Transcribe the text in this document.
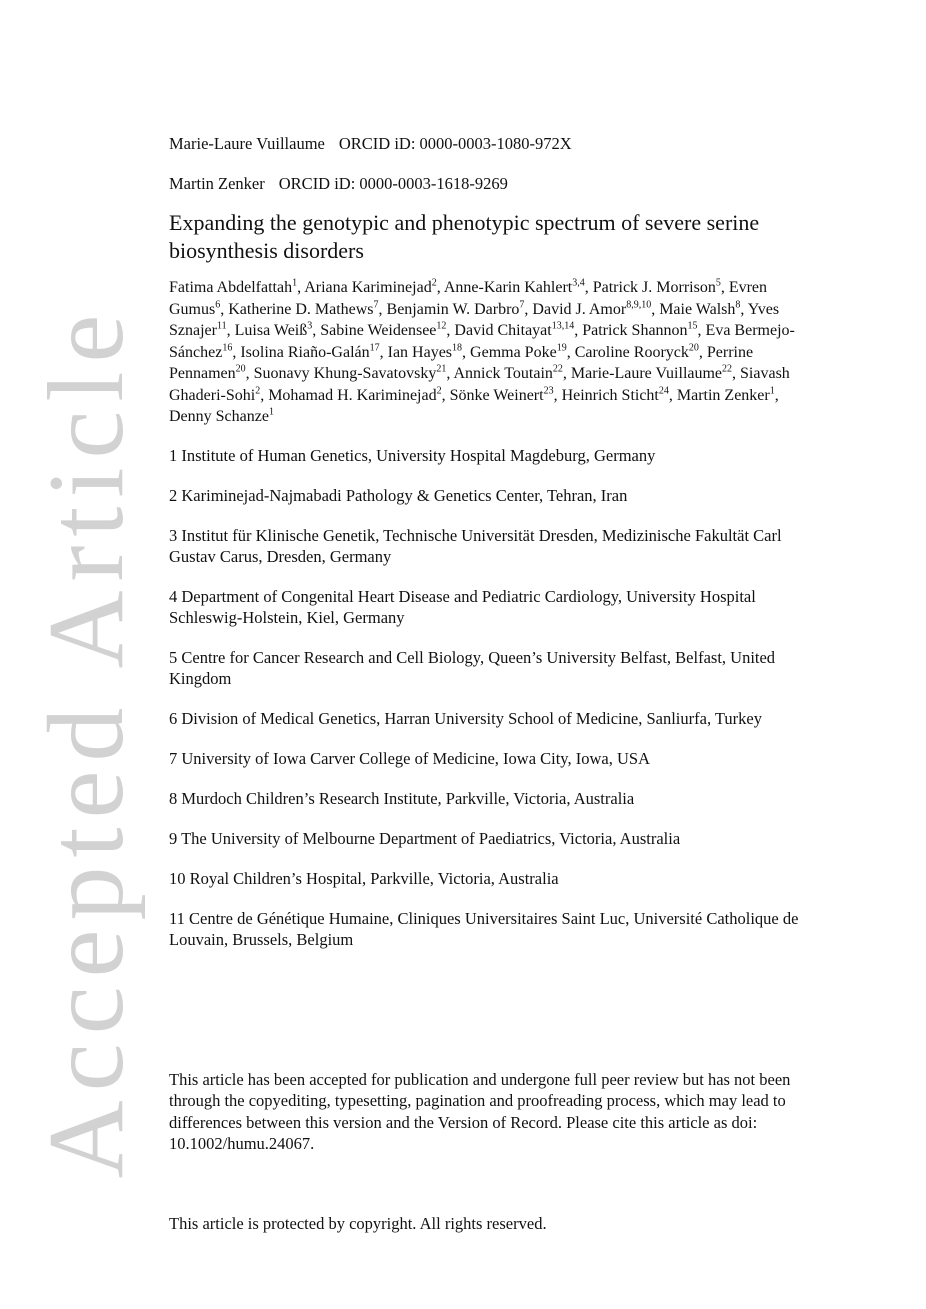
Accepted Article

Marie-Laure Vuillaume ORCID iD: 0000-0003-1080-972X

Martin Zenker ORCID iD: 0000-0003-1618-9269

Expanding the genotypic and phenotypic spectrum of severe serine biosynthesis disorders

Fatima Abdelfattah$^1$, Ariana Kariminejad$^2$, Anne-Karin Kahlert$^{3,4}$, Patrick J. Morrison$^5$, Evren Gumus$^6$, Katherine D. Mathews$^7$, Benjamin W. Darbro$^7$, David J. Amor$^{8,9,10}$, Maie Walsh$^8$, Yves Sznajer$^{11}$, Luisa Weiß$^3$, Sabine Weidensee$^{12}$, David Chitayat$^{13,14}$, Patrick Shannon$^{15}$, Eva Bermejo-Sánchez$^{16}$, Isolina Riaño-Galán$^{17}$, Ian Hayes$^{18}$, Gemma Poke$^{19}$, Caroline Rooryck$^{20}$, Perrine Pennamen$^{20}$, Suonavy Khung-Savatovsky$^{21}$, Annick Toutain$^{22}$, Marie-Laure Vuillaume$^{22}$, Siavash Ghaderi-Sohi$^2$, Mohamad H. Kariminejad$^2$, Sönke Weinert$^{23}$, Heinrich Sticht$^{24}$, Martin Zenker$^1$, Denny Schanze$^1$

1 Institute of Human Genetics, University Hospital Magdeburg, Germany

2 Kariminejad-Najmabadi Pathology & Genetics Center, Tehran, Iran

3 Institut für Klinische Genetik, Technische Universität Dresden, Medizinische Fakultät Carl Gustav Carus, Dresden, Germany

4 Department of Congenital Heart Disease and Pediatric Cardiology, University Hospital Schleswig-Holstein, Kiel, Germany

5 Centre for Cancer Research and Cell Biology, Queen’s University Belfast, Belfast, United Kingdom

6 Division of Medical Genetics, Harran University School of Medicine, Sanliurfa, Turkey

7 University of Iowa Carver College of Medicine, Iowa City, Iowa, USA

8 Murdoch Children’s Research Institute, Parkville, Victoria, Australia

9 The University of Melbourne Department of Paediatrics, Victoria, Australia

10 Royal Children’s Hospital, Parkville, Victoria, Australia

11 Centre de Génétique Humaine, Cliniques Universitaires Saint Luc, Université Catholique de Louvain, Brussels, Belgium

This article has been accepted for publication and undergone full peer review but has not been through the copyediting, typesetting, pagination and proofreading process, which may lead to differences between this version and the Version of Record. Please cite this article as doi: 10.1002/humu.24067.

This article is protected by copyright. All rights reserved.
